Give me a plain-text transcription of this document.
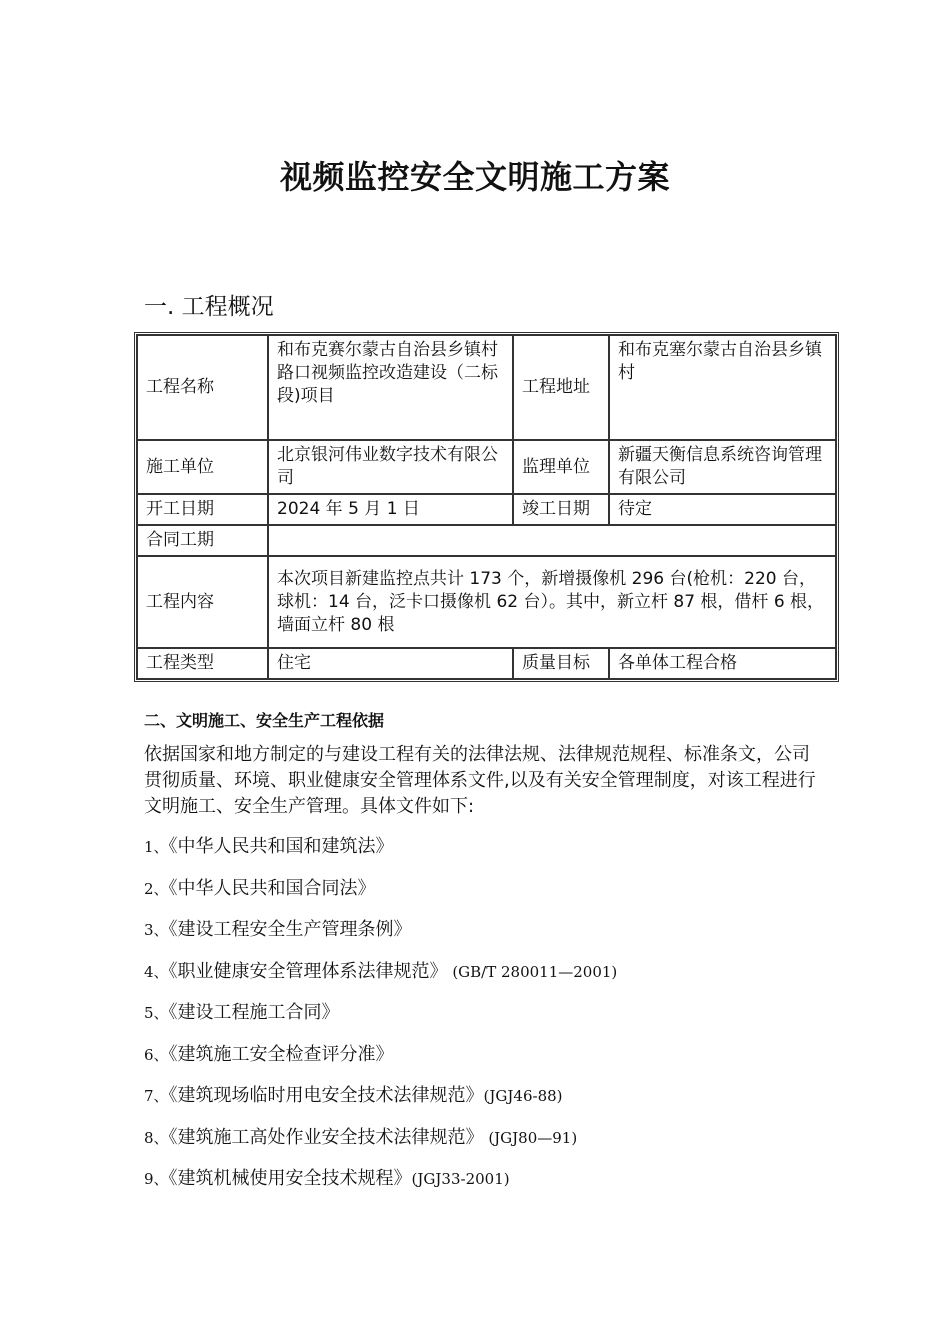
视频监控安全文明施工方案
一. 工程概况
工程名称	和布克赛尔蒙古自治县乡镇村路口视频监控改造建设（二标段)项目	工程地址	和布克塞尔蒙古自治县乡镇村
施工单位	北京银河伟业数字技术有限公司	监理单位	新疆天衡信息系统咨询管理有限公司
开工日期	2024 年 5 月 1 日	竣工日期	待定
合同工期			
工程内容	本次项目新建监控点共计 173 个，新增摄像机 296 台(枪机：220 台，球机：14 台，泛卡口摄像机 62 台）。其中，新立杆 87 根，借杆 6 根，墙面立杆 80 根		
工程类型	住宅	质量目标	各单体工程合格
二、文明施工、安全生产工程依据
依据国家和地方制定的与建设工程有关的法律法规、法律规范规程、标准条文，公司贯彻质量、环境、职业健康安全管理体系文件,以及有关安全管理制度，对该工程进行文明施工、安全生产管理。具体文件如下:
1、《中华人民共和国和建筑法》
2、《中华人民共和国合同法》
3、《建设工程安全生产管理条例》
4、《职业健康安全管理体系法律规范》 (GB/T 280011—2001)
5、《建设工程施工合同》
6、《建筑施工安全检查评分准》
7、《建筑现场临时用电安全技术法律规范》(JGJ46-88)
8、《建筑施工高处作业安全技术法律规范》 (JGJ80—91)
9、《建筑机械使用安全技术规程》(JGJ33-2001)
